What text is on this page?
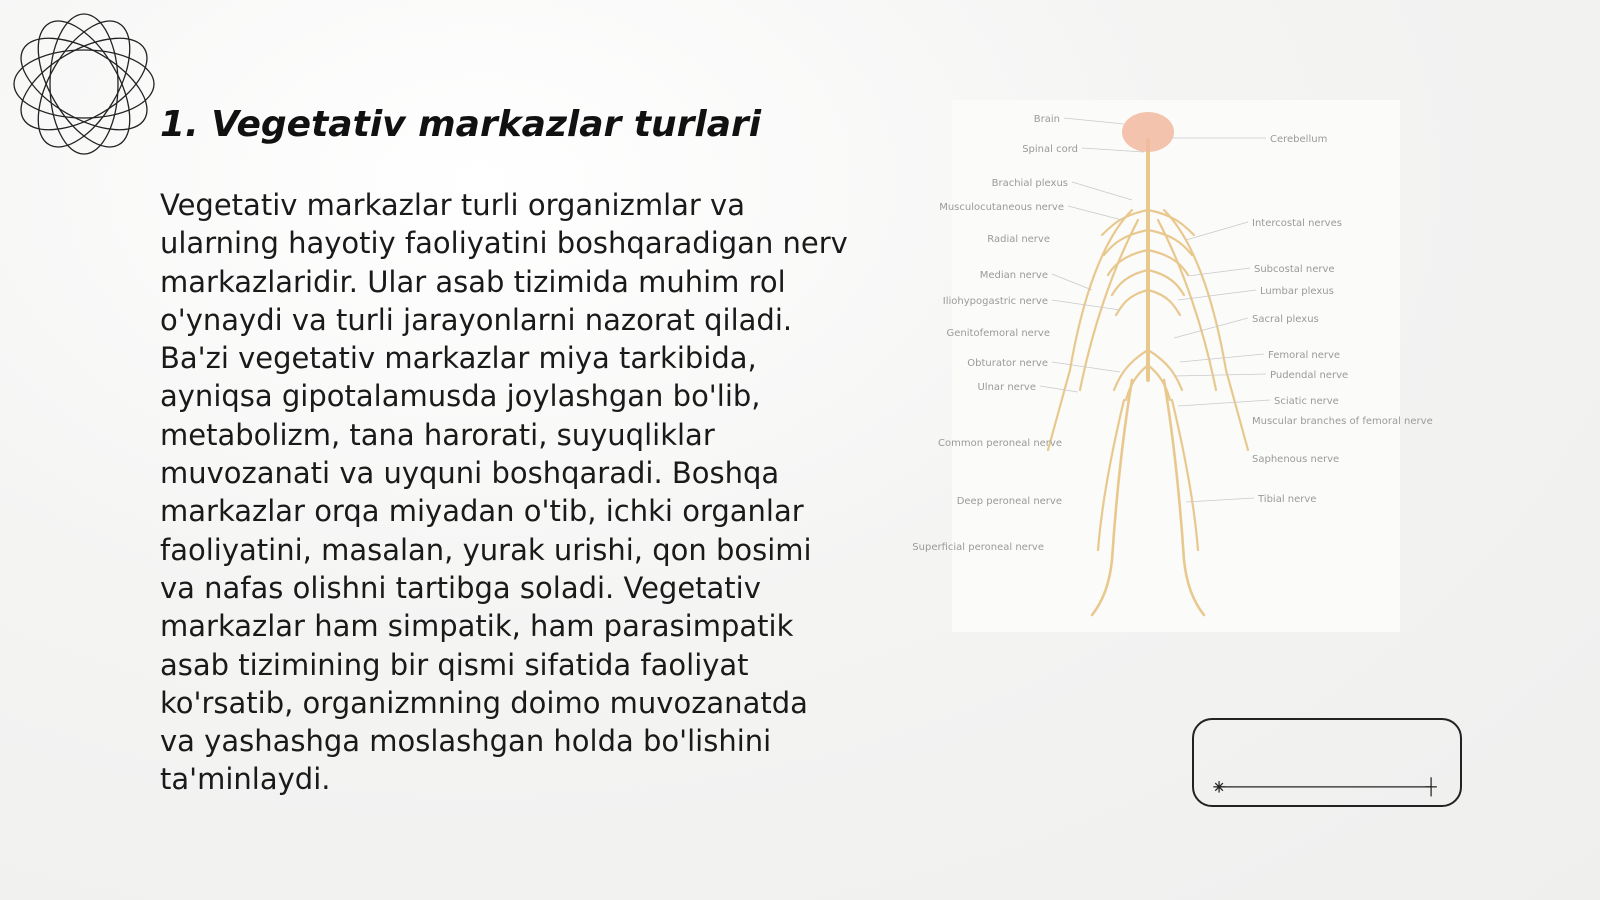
1. Vegetativ markazlar turlari

Vegetativ markazlar turli organizmlar va ularning hayotiy faoliyatini boshqaradigan nerv markazlaridir. Ular asab tizimida muhim rol o'ynaydi va turli jarayonlarni nazorat qiladi. Ba'zi vegetativ markazlar miya tarkibida, ayniqsa gipotalamusda joylashgan bo'lib, metabolizm, tana harorati, suyuqliklar muvozanati va uyquni boshqaradi. Boshqa markazlar orqa miyadan o'tib, ichki organlar faoliyatini, masalan, yurak urishi, qon bosimi va nafas olishni tartibga soladi. Vegetativ markazlar ham simpatik, ham parasimpatik asab tizimining bir qismi sifatida faoliyat ko'rsatib, organizmning doimo muvozanatda va yashashga moslashgan holda bo'lishini ta'minlaydi.

Brain
Spinal cord
Brachial plexus
Musculocutaneous nerve
Radial nerve
Median nerve
Iliohypogastric nerve
Genitofemoral nerve
Obturator nerve
Ulnar nerve
Common peroneal nerve
Deep peroneal nerve
Superficial peroneal nerve
Cerebellum
Intercostal nerves
Subcostal nerve
Lumbar plexus
Sacral plexus
Femoral nerve
Pudendal nerve
Sciatic nerve
Muscular branches of femoral nerve
Saphenous nerve
Tibial nerve
